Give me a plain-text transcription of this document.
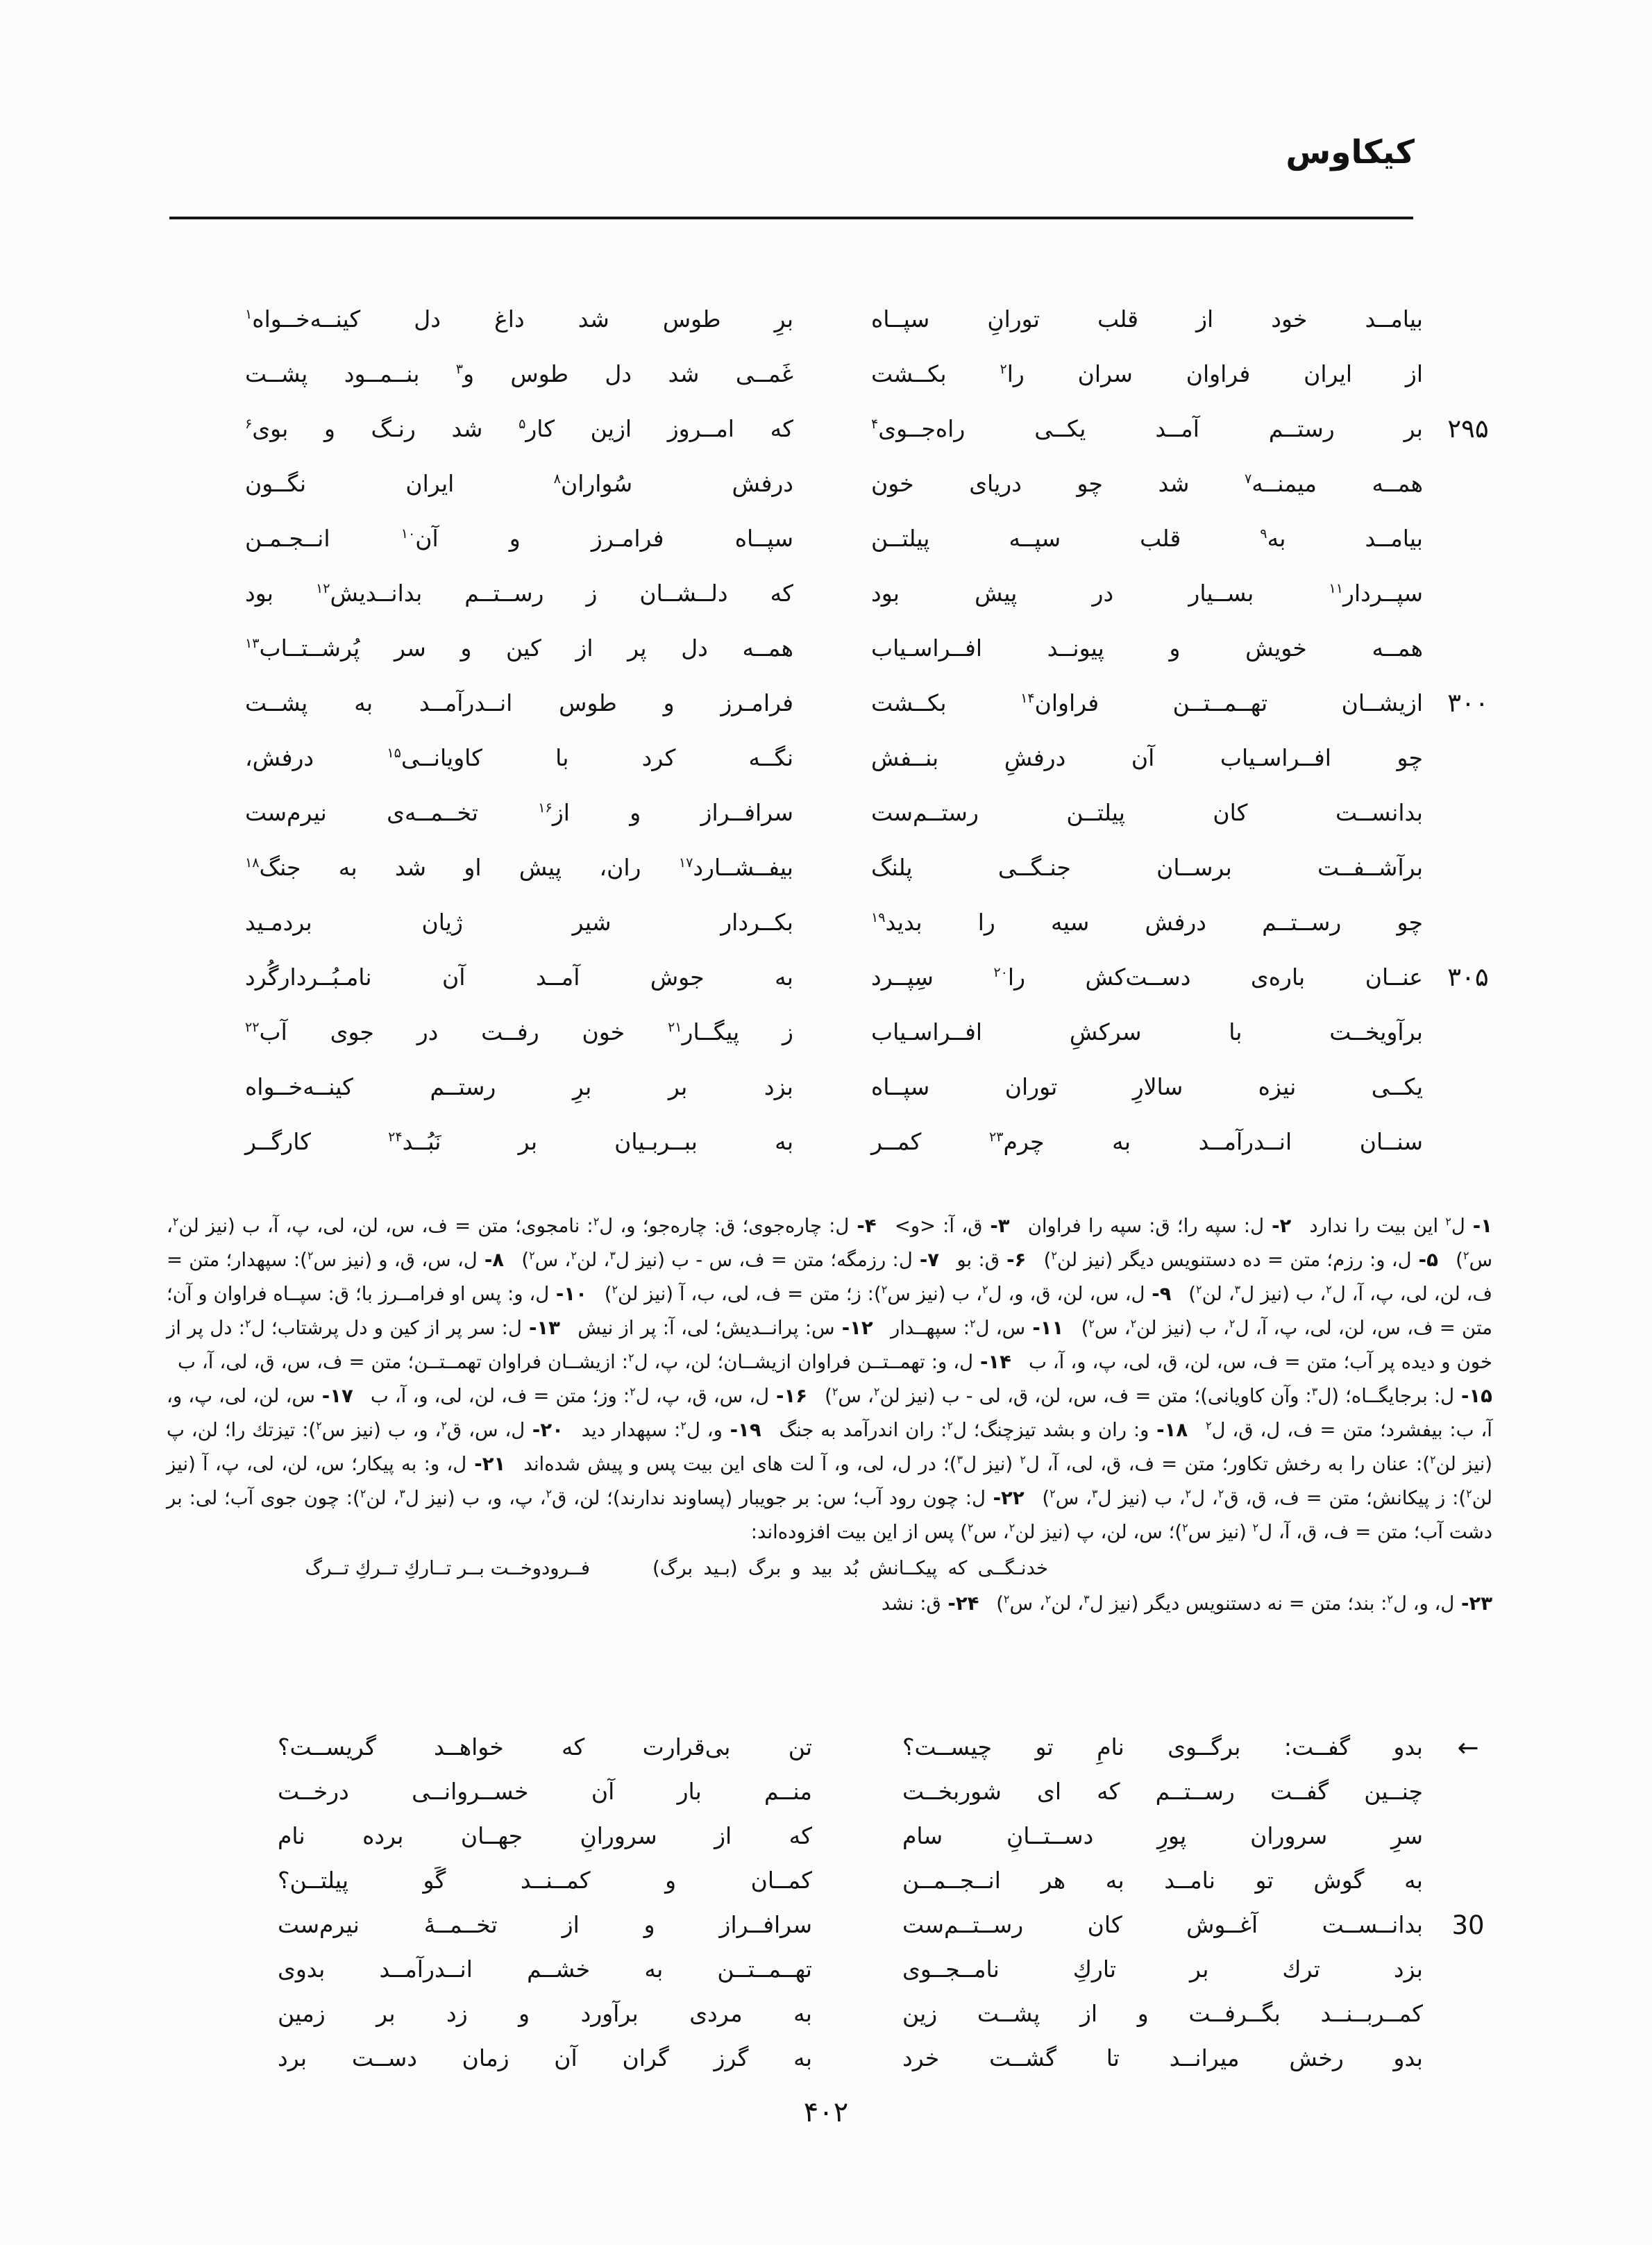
کیکاوس
بیامــد خود از قلب تورانِ سپــاه
برِ طوس شد داغ دل کینــه‌خــواه$^۱$
از ایران فراوان سران را$^۲$ بکــشت
غَمــی شد دل طوس و$^۳$ بنــمــود پشــت
۲۹۵
بر رستــم آمــد یکــی راه‌جــوی$^۴$
که امــروز ازین کار$^۵$ شد رنـگ و بوی$^۶$
همــه میمنــه$^۷$ شد چو دریای خون
درفش سُواران$^۸$ ایران نگــون
بیامــد به$^۹$ قلب سپــه پیلتــن
سپــاه فرامـرز و آن$^{۱۰}$ انــجـمـن
سپــردار$^{۱۱}$ بســیار در پیش بود
که دلــشــان ز رســتــم بدانــدیش$^{۱۲}$ بود
همــه خویش و پیونــد افــراسـیاب
همــه دل پر از کین و سر پُرشــتــاب$^{۱۳}$
۳۰۰
ازیشــان تهــمــتــن فراوان$^{۱۴}$ بکــشت
فرامـرز و طوس انــدرآمــد به پشــت
چو افــراسـیاب آن درفشِ بنــفش
نگــه کرد با کاویانــی$^{۱۵}$ درفش،
بدانســت کان پیلتــن رستــم‌ست
سرافــراز و از$^{۱۶}$ تخــمــه‌ی نیرم‌ست
برآشــفــت برســان جنـگــی پلنگ
بیفــشــارد$^{۱۷}$ ران، پیش او شد به جنگ$^{۱۸}$
چو رســتــم درفش سیه را بدید$^{۱۹}$
بکــردار شیر ژیان بردمـید
۳۰۵
عنــان باره‌ی دســت‌کش را$^{۲۰}$ سِپــرد
به جوش آمــد آن نامـبُــردارگُرد
برآویخــت با سرکشِ افــراسـیاب
ز پیگــار$^{۲۱}$ خون رفــت در جوی آب$^{۲۲}$
یکــی نیزه سالارِ توران سپــاه
بزد بر برِ رستــم کینــه‌خــواه
سنــان انــدرآمــد به چرم$^{۲۳}$ کمــر
به ببــربـیان بر نَبُــد$^{۲۴}$ کارگــر
۱- ل$^۲$ این بیت را ندارد ۲- ل: سپه را؛ ق: سپه را فراوان ۳- ق، آ: <و> ۴- ل: چاره‌جوی؛ ق: چاره‌جو؛ و، ل$^۲$: نامجوی؛ متن = ف، س، لن، لی، پ، آ، ب (نیز لن$^۲$، س$^۲$) ۵- ل، و: رزم؛ متن = ده دستنویس دیگر (نیز لن$^۲$) ۶- ق: بو ۷- ل: رزمگه؛ متن = ف، س - ب (نیز ل$^۳$، لن$^۲$، س$^۲$) ۸- ل، س، ق، و (نیز س$^۲$): سپهدار؛ متن = ف، لن، لی، پ، آ، ل$^۲$، ب (نیز ل$^۳$، لن$^۲$) ۹- ل، س، لن، ق، و، ل$^۲$، ب (نیز س$^۲$): ز؛ متن = ف، لی، ب، آ (نیز لن$^۲$) ۱۰- ل، و: پس او فرامــرز با؛ ق: سپــاه فراوان و آن؛ متن = ف، س، لن، لی، پ، آ، ل$^۲$، ب (نیز لن$^۲$، س$^۲$) ۱۱- س، ل$^۲$: سپهــدار ۱۲- س: پرانــدیش؛ لی، آ: پر از نیش ۱۳- ل: سر پر از کین و دل پرشتاب؛ ل$^۲$: دل پر از خون و دیده پر آب؛ متن = ف، س، لن، ق، لی، پ، و، آ، ب ۱۴- ل، و: تهمــتــن فراوان ازیشــان؛ لن، پ، ل$^۲$: ازیشــان فراوان تهمــتــن؛ متن = ف، س، ق، لی، آ، ب ۱۵- ل: برجایگــاه؛ (ل$^۳$: وآن کاویانی)؛ متن = ف، س، لن، ق، لی - ب (نیز لن$^۲$، س$^۲$) ۱۶- ل، س، ق، پ، ل$^۲$: وز؛ متن = ف، لن، لی، و، آ، ب ۱۷- س، لن، لی، پ، و، آ، ب: بیفشرد؛ متن = ف، ل، ق، ل$^۲$ ۱۸- و: ران و بشد تیزچنگ؛ ل$^۲$: ران اندرآمد به جنگ ۱۹- و، ل$^۲$: سپهدار دید ۲۰- ل، س، ق$^۲$، و، ب (نیز س$^۲$): تیزتك را؛ لن، پ (نیز لن$^۲$): عنان را به رخش تکاور؛ متن = ف، ق، لی، آ، ل$^۲$ (نیز ل$^۳$)؛ در ل، لی، و، آ لت های این بیت پس و پیش شده‌اند ۲۱- ل، و: به پیکار؛ س، لن، لی، پ، آ (نیز لن$^۲$): ز پیکانش؛ متن = ف، ق، ق$^۲$، ل$^۲$، ب (نیز ل$^۳$، س$^۲$) ۲۲- ل: چون رود آب؛ س: بر جویبار (پساوند ندارند)؛ لن، ق$^۲$، پ، و، ب (نیز ل$^۳$، لن$^۲$): چون جوی آب؛ لی: بر دشت آب؛ متن = ف، ق، آ، ل$^۲$ (نیز س$^۲$)؛ س، لن، پ (نیز لن$^۲$، س$^۲$) پس از این بیت افزوده‌اند:
خدنـگــی که پیکــانش بُد بید و برگ (بـید برگ)
فــرودوخــت بــر تــاركِ تــركِ تــرگ
۲۳- ل، و، ل$^۲$: بند؛ متن = نه دستنویس دیگر (نیز ل$^۳$، لن$^۲$، س$^۲$) ۲۴- ق: نشد
←
بدو گفــت: برگــوی نامِ تو چیســت؟
تن بی‌قرارت که خواهــد گریســت؟
چنــین گفــت رســتــم که ای شوربخــت
منــم بار آن خســروانــی درخــت
سرِ سروران پورِ دســتــانِ سام
که از سرورانِ جهــان برده نام
به گوش تو نامــد به هر انــجــمــن
کمــان و کمــنــد گَو پیلتــن؟
30
بدانــســت آغــوش کان رســتــم‌ست
سرافــراز و از تخــمــهٔ نیرم‌ست
بزد ترك بر تاركِ نامــجــوی
تهــمــتــن به خشــم انــدرآمــد بدوی
کمــربــنــد بگــرفــت و از پشــت زین
به مردی برآورد و زد بر زمین
بدو رخش میرانــد تا گشــت خرد
به گرز گران آن زمان دســت برد
۴۰۲
